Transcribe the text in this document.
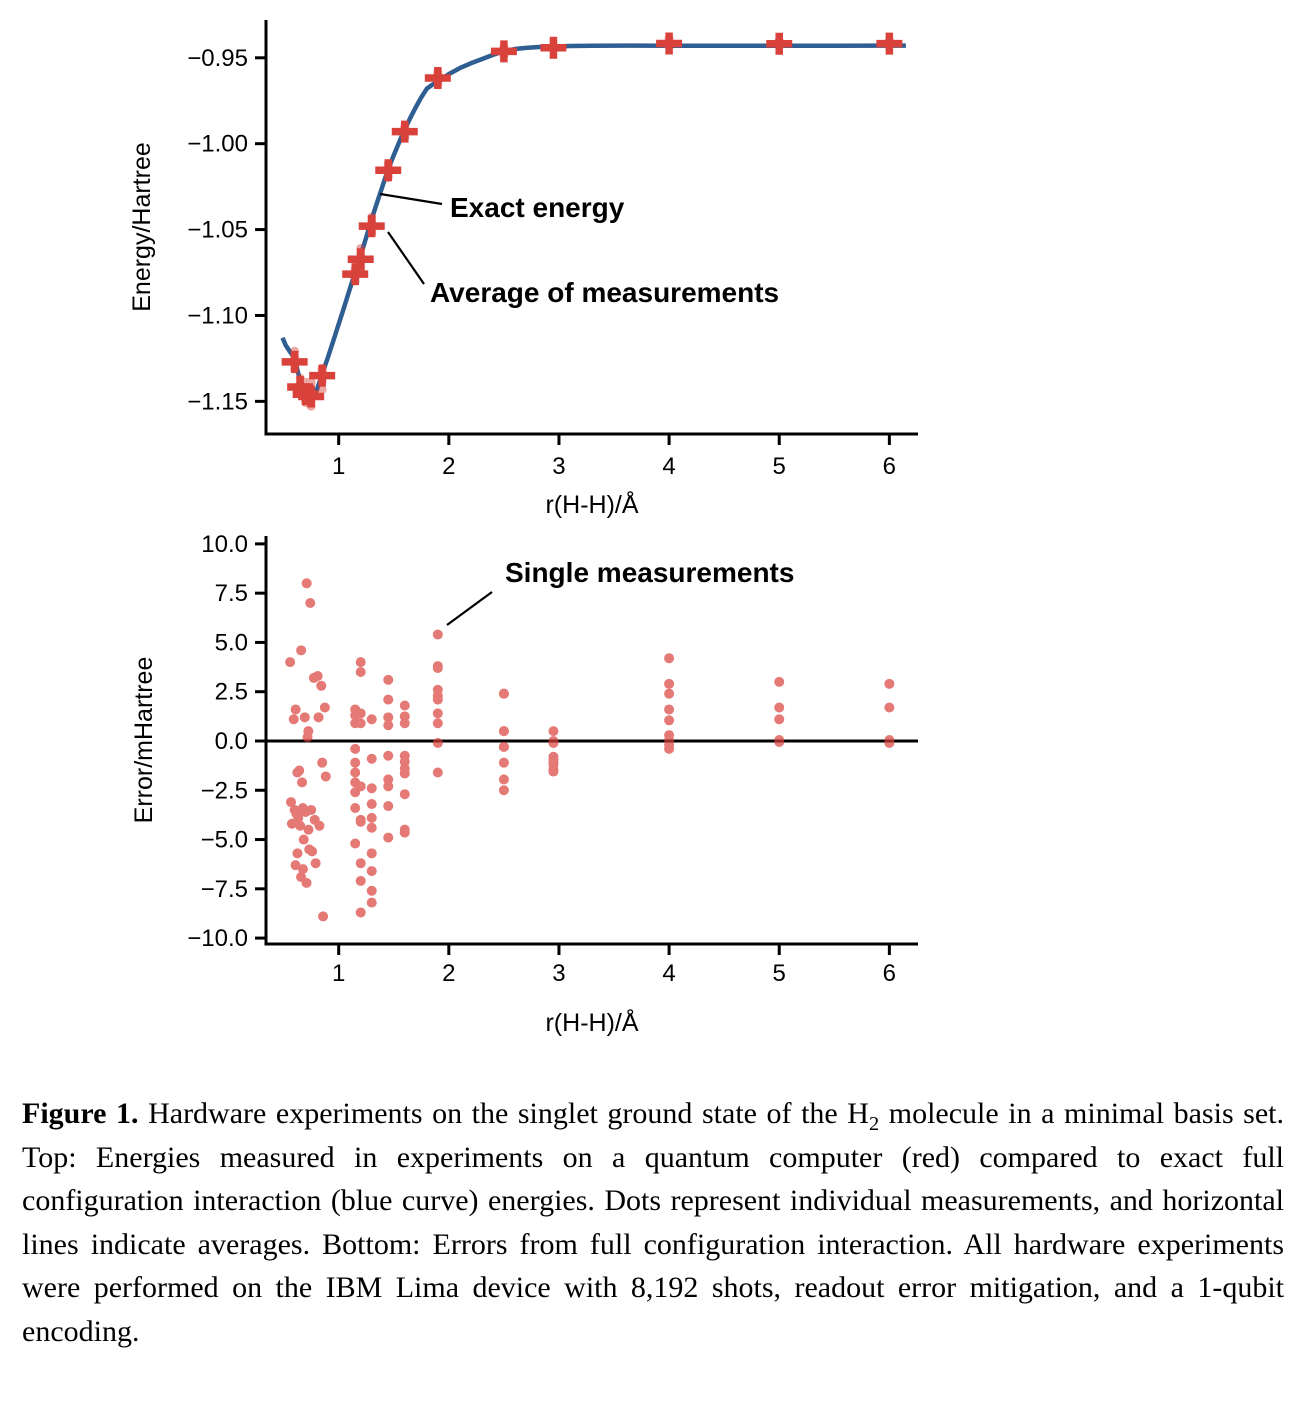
1	2	3	4	5	6
−0.95
−1.00
−1.05
−1.10
−1.15
r(H-H)/Å
Energy/Hartree	Exact energy
Average of measurements
1	2	3	4	5	6
10.0
7.5
5.0
2.5
0.0
−2.5
−5.0
−7.5
−10.0
r(H-H)/Å
Error/mHartree
Single measurements
Figure 1. Hardware experiments on the singlet ground state of the $H_2$ molecule in a minimal basis set. Top: Energies measured in experiments on a quantum computer (red) compared to exact full configuration interaction (blue curve) energies. Dots represent individual measurements, and horizontal lines indicate averages. Bottom: Errors from full configuration interaction. All hardware experiments were performed on the IBM Lima device with 8,192 shots, readout error mitigation, and a 1-qubit encoding.
